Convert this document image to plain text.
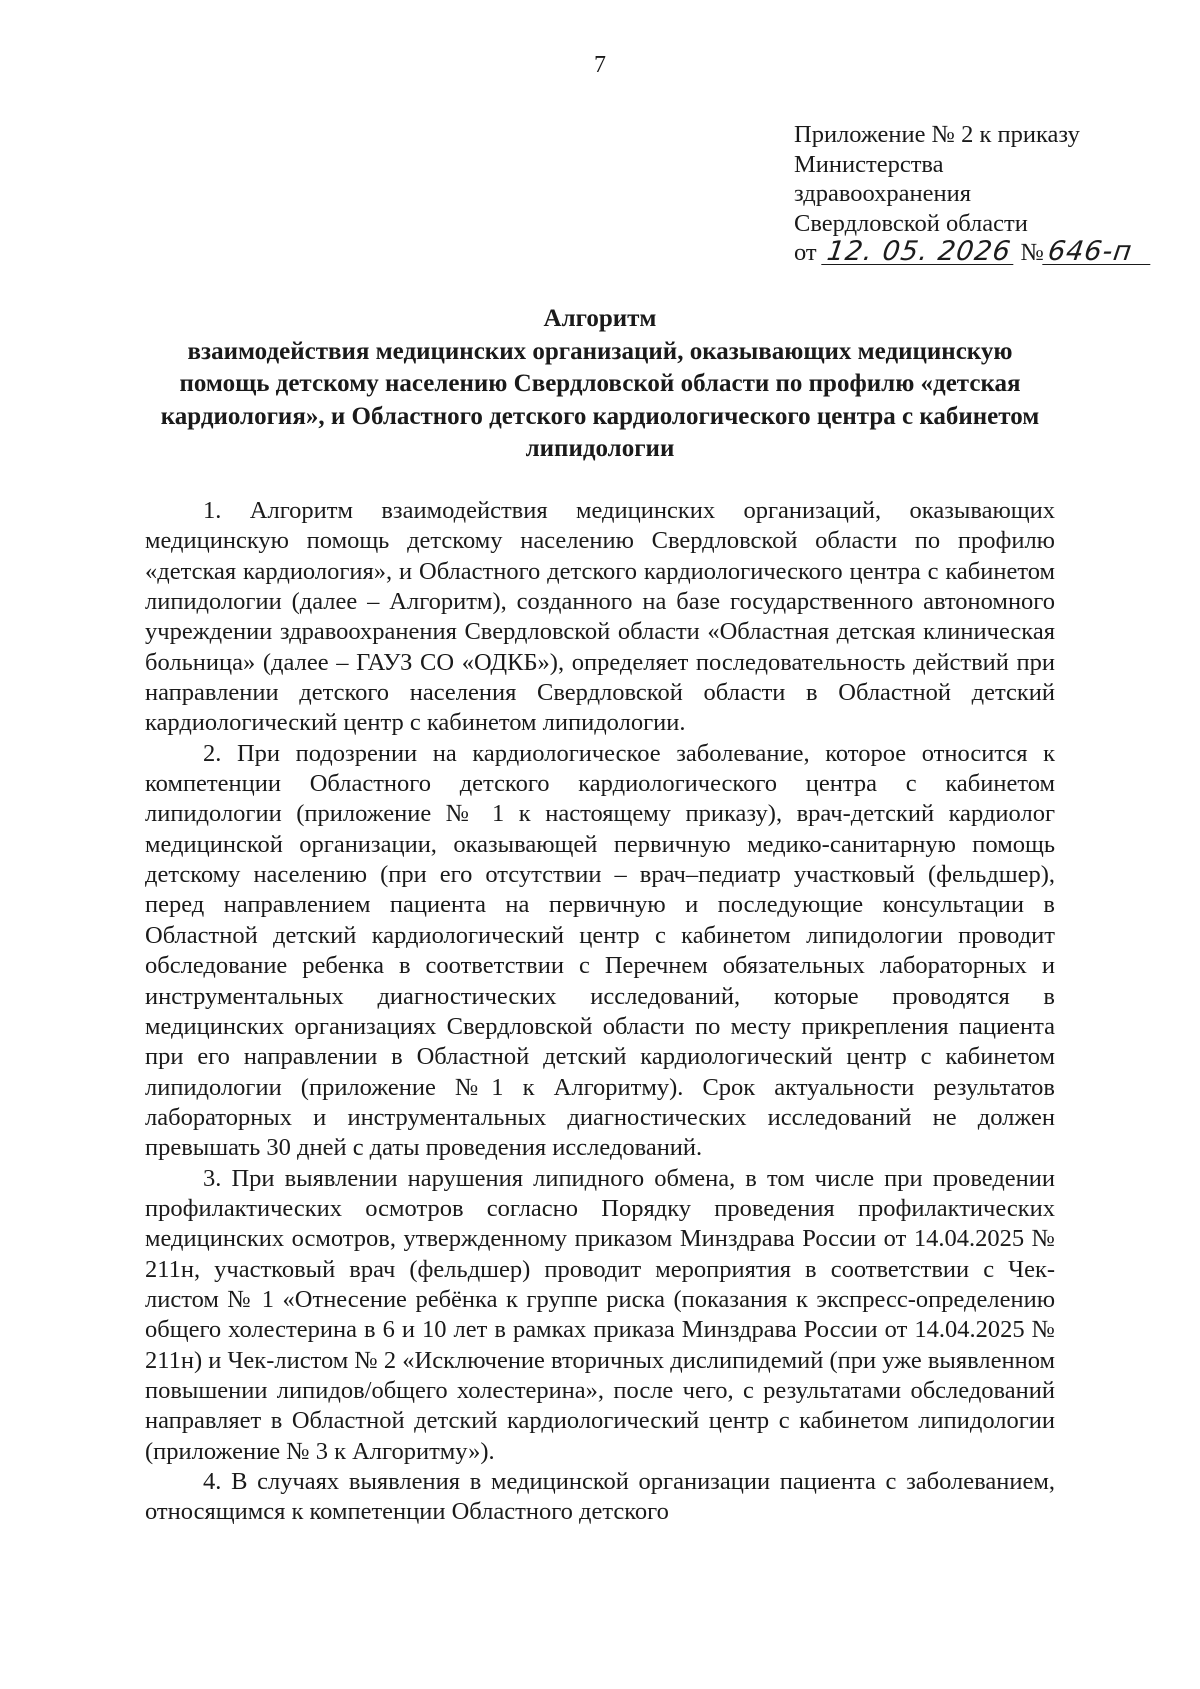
7
Приложение № 2 к приказу
Министерства
здравоохранения
Свердловской области
от 12. 05. 2026 №646-п
Алгоритм
взаимодействия медицинских организаций, оказывающих медицинскую
помощь детскому населению Свердловской области по профилю «детская
кардиология», и Областного детского кардиологического центра с кабинетом
липидологии

1. Алгоритм взаимодействия медицинских организаций, оказывающих медицинскую помощь детскому населению Свердловской области по профилю «детская кардиология», и Областного детского кардиологического центра с кабинетом липидологии (далее – Алгоритм), созданного на базе государственного автономного учреждении здравоохранения Свердловской области «Областная детская клиническая больница» (далее – ГАУЗ СО «ОДКБ»), определяет последовательность действий при направлении детского населения Свердловской области в Областной детский кардиологический центр с кабинетом липидологии.

2. При подозрении на кардиологическое заболевание, которое относится к компетенции Областного детского кардиологического центра с кабинетом липидологии (приложение № 1 к настоящему приказу), врач-детский кардиолог медицинской организации, оказывающей первичную медико-санитарную помощь детскому населению (при его отсутствии – врач–педиатр участковый (фельдшер), перед направлением пациента на первичную и последующие консультации в Областной детский кардиологический центр с кабинетом липидологии проводит обследование ребенка в соответствии с Перечнем обязательных лабораторных и инструментальных диагностических исследований, которые проводятся в медицинских организациях Свердловской области по месту прикрепления пациента при его направлении в Областной детский кардиологический центр с кабинетом липидологии (приложение №1 к Алгоритму). Срок актуальности результатов лабораторных и инструментальных диагностических исследований не должен превышать 30 дней с даты проведения исследований.

3. При выявлении нарушения липидного обмена, в том числе при проведении профилактических осмотров согласно Порядку проведения профилактических медицинских осмотров, утвержденному приказом Минздрава России от 14.04.2025 № 211н, участковый врач (фельдшер) проводит мероприятия в соответствии с Чек-листом № 1 «Отнесение ребёнка к группе риска (показания к экспресс-определению общего холестерина в 6 и 10 лет в рамках приказа Минздрава России от 14.04.2025 № 211н) и Чек-листом № 2 «Исключение вторичных дислипидемий (при уже выявленном повышении липидов/общего холестерина», после чего, с результатами обследований направляет в Областной детский кардиологический центр с кабинетом липидологии (приложение № 3 к Алгоритму»).

4. В случаях выявления в медицинской организации пациента с заболеванием, относящимся к компетенции Областного детского
